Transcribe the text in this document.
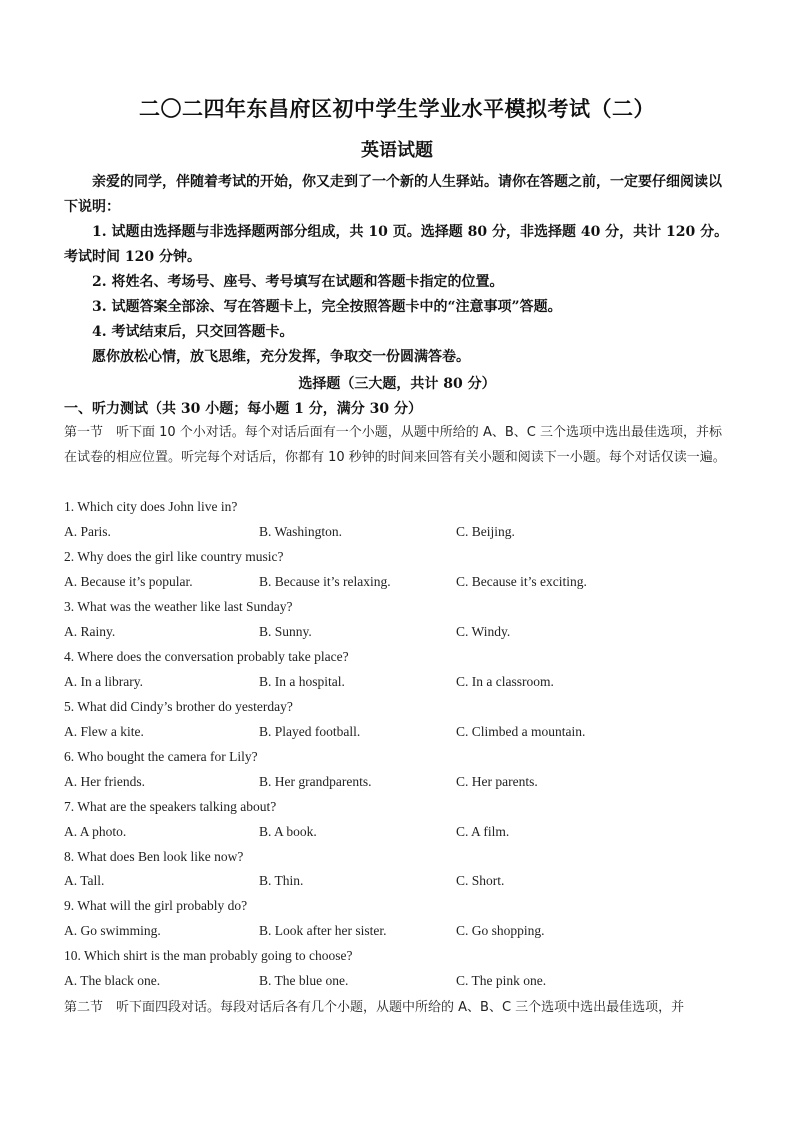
二〇二四年东昌府区初中学生学业水平模拟考试（二）
英语试题

亲爱的同学，伴随着考试的开始，你又走到了一个新的人生驿站。请你在答题之前，一定要仔细阅读以下说明：

1. 试题由选择题与非选择题两部分组成，共 10 页。选择题 80 分，非选择题 40 分，共计 120 分。考试时间 120 分钟。

2. 将姓名、考场号、座号、考号填写在试题和答题卡指定的位置。

3. 试题答案全部涂、写在答题卡上，完全按照答题卡中的“注意事项”答题。

4. 考试结束后，只交回答题卡。

愿你放松心情，放飞思维，充分发挥，争取交一份圆满答卷。

选择题（三大题，共计 80 分）
一、听力测试（共 30 小题；每小题 1 分，满分 30 分）

第一节　听下面 10 个小对话。每个对话后面有一个小题，从题中所给的 A、B、C 三个选项中选出最佳选项，并标在试卷的相应位置。听完每个对话后，你都有 10 秒钟的时间来回答有关小题和阅读下一小题。每个对话仅读一遍。

1. Which city does John live in?
A. Paris.	B. Washington.	C. Beijing.
2. Why does the girl like country music?
A. Because it’s popular.	B. Because it’s relaxing.	C. Because it’s exciting.
3. What was the weather like last Sunday?
A. Rainy.	B. Sunny.	C. Windy.
4. Where does the conversation probably take place?
A. In a library.	B. In a hospital.	C. In a classroom.
5. What did Cindy’s brother do yesterday?
A. Flew a kite.	B. Played football.	C. Climbed a mountain.
6. Who bought the camera for Lily?
A. Her friends.	B. Her grandparents.	C. Her parents.
7. What are the speakers talking about?
A. A photo.	B. A book.	C. A film.
8. What does Ben look like now?
A. Tall.	B. Thin.	C. Short.
9. What will the girl probably do?
A. Go swimming.	B. Look after her sister.	C. Go shopping.
10. Which shirt is the man probably going to choose?
A. The black one.	B. The blue one.	C. The pink one.

第二节　听下面四段对话。每段对话后各有几个小题，从题中所给的 A、B、C 三个选项中选出最佳选项，并
